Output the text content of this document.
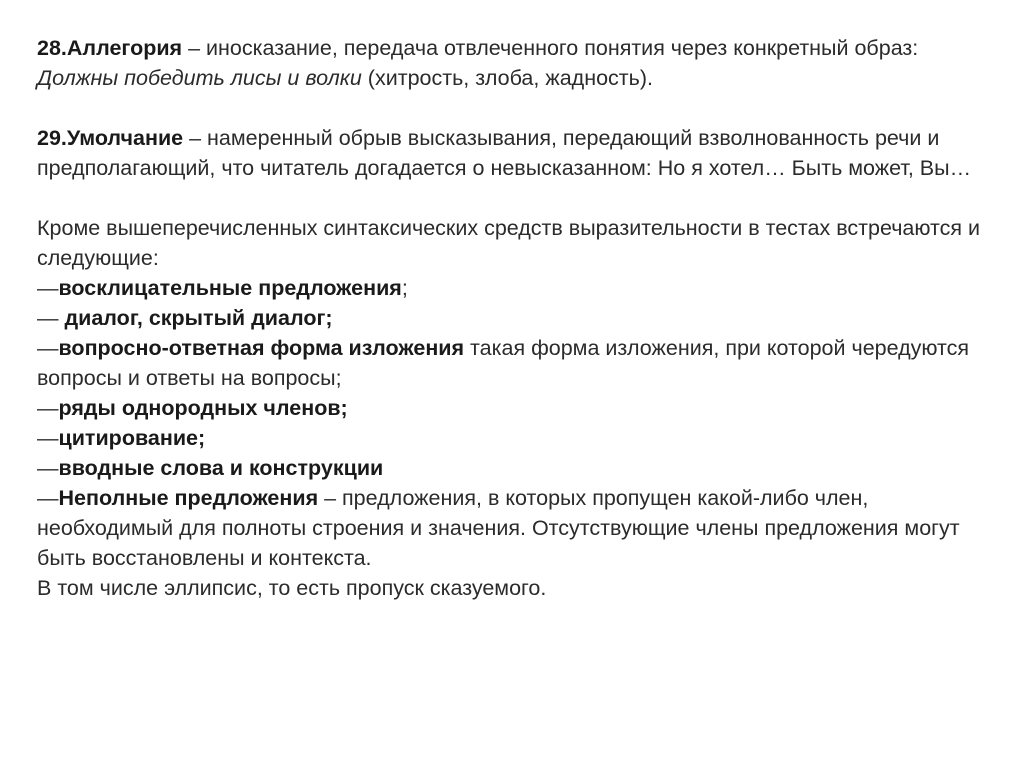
28.Аллегория – иносказание, передача отвлеченного понятия через конкретный образ: Должны победить лисы и волки (хитрость, злоба, жадность).

29.Умолчание – намеренный обрыв высказывания, передающий взволнованность речи и предполагающий, что читатель догадается о невысказанном: Но я хотел… Быть может, Вы…

Кроме вышеперечисленных синтаксических средств выразительности в тестах встречаются и следующие:

—восклицательные предложения;

— диалог, скрытый диалог;

—вопросно-ответная форма изложения такая форма изложения, при которой чередуются вопросы и ответы на вопросы;

—ряды однородных членов;

—цитирование;

—вводные слова и конструкции

—Неполные предложения – предложения, в которых пропущен какой-либо член, необходимый для полноты строения и значения. Отсутствующие члены предложения могут быть восстановлены и контекста.

В том числе эллипсис, то есть пропуск сказуемого.
